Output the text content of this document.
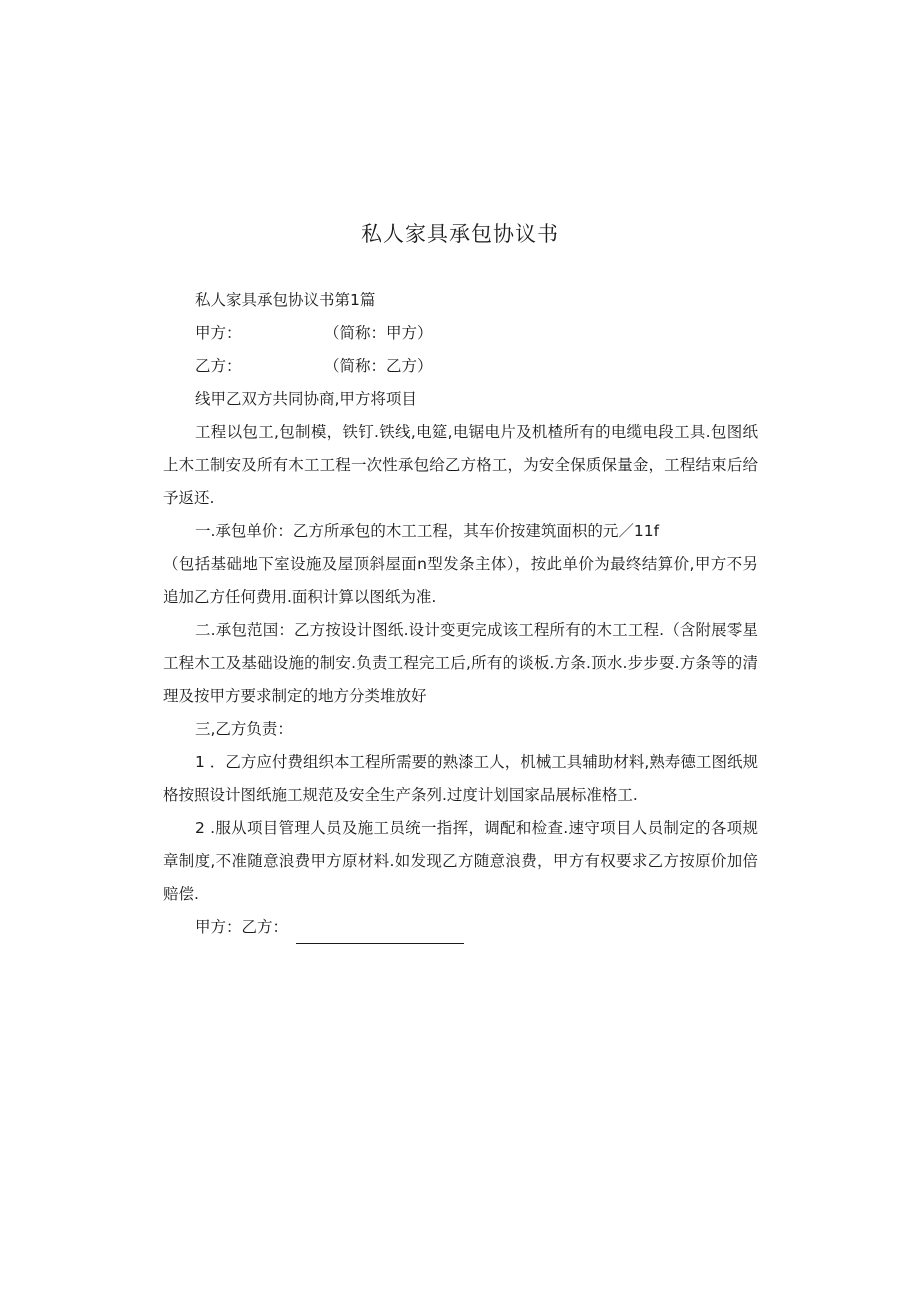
私人家具承包协议书

私人家具承包协议书第1篇

甲方：	（简称：甲方）
乙方：	（简称：乙方）

线甲乙双方共同协商,甲方将项目

工程以包工,包制模，铁钉.铁线,电筵,电锯电片及机楂所有的电缆电段工具.包图纸上木工制安及所有木工工程一次性承包给乙方格工，为安全保质保量金，工程结束后给予返还.

一.承包单价：乙方所承包的木工工程，其车价按建筑面枳的元／11f

（包括基础地下室设施及屋顶斜屋面n型发条主体），按此单价为最终结算价,甲方不另追加乙方任何费用.面积计算以图纸为准.

二.承包范国：乙方按设计图纸.设计变更完成该工程所有的木工工程.（含附展零星工程木工及基础设施的制安.负责工程完工后,所有的谈板.方条.顶水.步步耍.方条等的清理及按甲方要求制定的地方分类堆放好

三,乙方负责：

1 ．乙方应付费组织本工程所需要的熟漆工人，机械工具辅助材料,熟寿德工图纸规格按照设计图纸施工规范及安全生产条列.过度计划国家品展标准格工.

2 .服从项目管理人员及施工员统一指挥，调配和检查.速守项目人员制定的各项规章制度,不准随意浪费甲方原材料.如发现乙方随意浪费，甲方有权要求乙方按原价加倍赔偿.

甲方：乙方：
